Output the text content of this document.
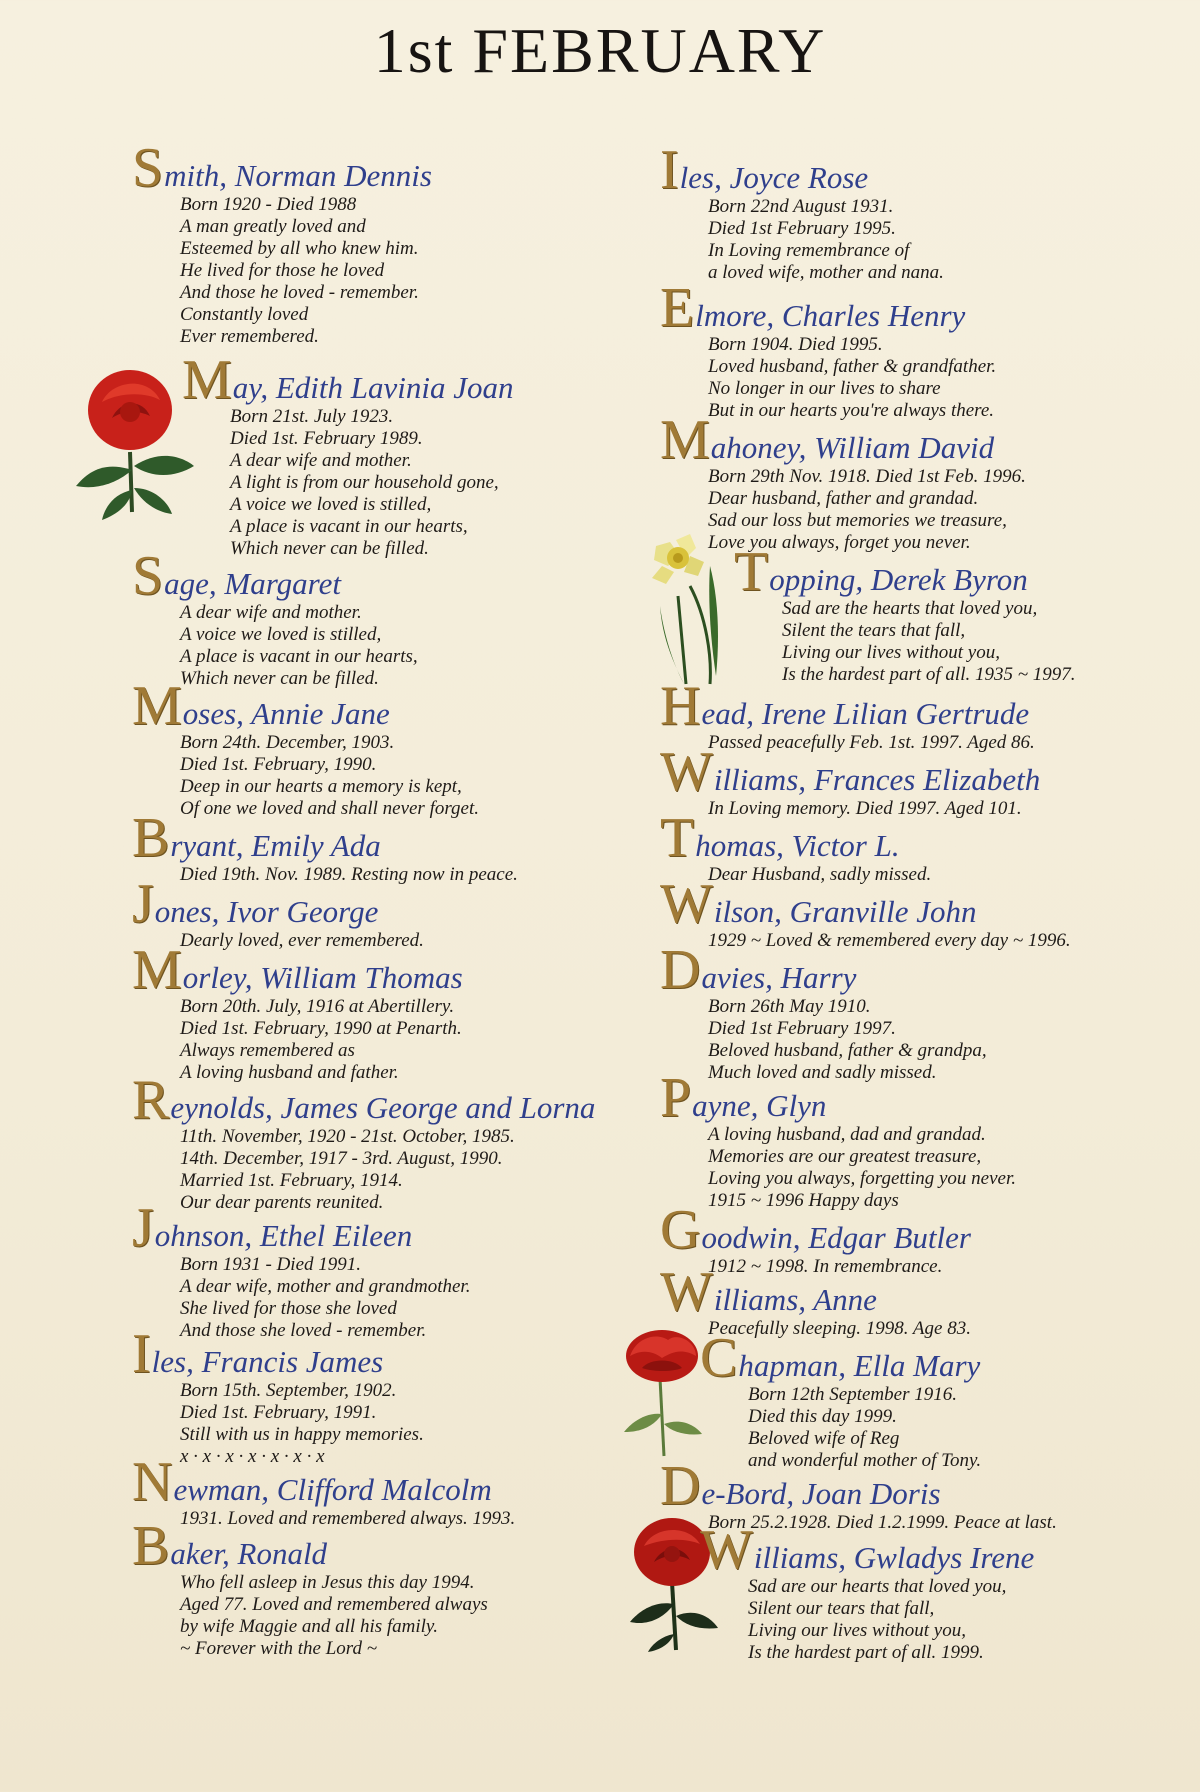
1st FEBRUARY
Smith, Norman Dennis
Born 1920 - Died 1988
A man greatly loved and
Esteemed by all who knew him.
He lived for those he loved
And those he loved - remember.
Constantly loved
Ever remembered.
May, Edith Lavinia Joan
Born 21st. July 1923.
Died 1st. February 1989.
A dear wife and mother.
A light is from our household gone,
A voice we loved is stilled,
A place is vacant in our hearts,
Which never can be filled.
Sage, Margaret
A dear wife and mother.
A voice we loved is stilled,
A place is vacant in our hearts,
Which never can be filled.
Moses, Annie Jane
Born 24th. December, 1903.
Died 1st. February, 1990.
Deep in our hearts a memory is kept,
Of one we loved and shall never forget.
Bryant, Emily Ada
Died 19th. Nov. 1989. Resting now in peace.
Jones, Ivor George
Dearly loved, ever remembered.
Morley, William Thomas
Born 20th. July, 1916 at Abertillery.
Died 1st. February, 1990 at Penarth.
Always remembered as
A loving husband and father.
Reynolds, James George and Lorna
11th. November, 1920 - 21st. October, 1985.
14th. December, 1917 - 3rd. August, 1990.
Married 1st. February, 1914.
Our dear parents reunited.
Johnson, Ethel Eileen
Born 1931 - Died 1991.
A dear wife, mother and grandmother.
She lived for those she loved
And those she loved - remember.
Iles, Francis James
Born 15th. September, 1902.
Died 1st. February, 1991.
Still with us in happy memories.
x · x · x · x · x · x · x
Newman, Clifford Malcolm
1931. Loved and remembered always. 1993.
Baker, Ronald
Who fell asleep in Jesus this day 1994.
Aged 77. Loved and remembered always
by wife Maggie and all his family.
~ Forever with the Lord ~
Iles, Joyce Rose
Born 22nd August 1931.
Died 1st February 1995.
In Loving remembrance of
a loved wife, mother and nana.
Elmore, Charles Henry
Born 1904. Died 1995.
Loved husband, father & grandfather.
No longer in our lives to share
But in our hearts you're always there.
Mahoney, William David
Born 29th Nov. 1918. Died 1st Feb. 1996.
Dear husband, father and grandad.
Sad our loss but memories we treasure,
Love you always, forget you never.
Topping, Derek Byron
Sad are the hearts that loved you,
Silent the tears that fall,
Living our lives without you,
Is the hardest part of all. 1935 ~ 1997.
Head, Irene Lilian Gertrude
Passed peacefully Feb. 1st. 1997. Aged 86.
Williams, Frances Elizabeth
In Loving memory. Died 1997. Aged 101.
Thomas, Victor L.
Dear Husband, sadly missed.
Wilson, Granville John
1929 ~ Loved & remembered every day ~ 1996.
Davies, Harry
Born 26th May 1910.
Died 1st February 1997.
Beloved husband, father & grandpa,
Much loved and sadly missed.
Payne, Glyn
A loving husband, dad and grandad.
Memories are our greatest treasure,
Loving you always, forgetting you never.
1915 ~ 1996 Happy days
Goodwin, Edgar Butler
1912 ~ 1998. In remembrance.
Williams, Anne
Peacefully sleeping. 1998. Age 83.
Chapman, Ella Mary
Born 12th September 1916.
Died this day 1999.
Beloved wife of Reg
and wonderful mother of Tony.
De-Bord, Joan Doris
Born 25.2.1928. Died 1.2.1999. Peace at last.
Williams, Gwladys Irene
Sad are our hearts that loved you,
Silent our tears that fall,
Living our lives without you,
Is the hardest part of all. 1999.
